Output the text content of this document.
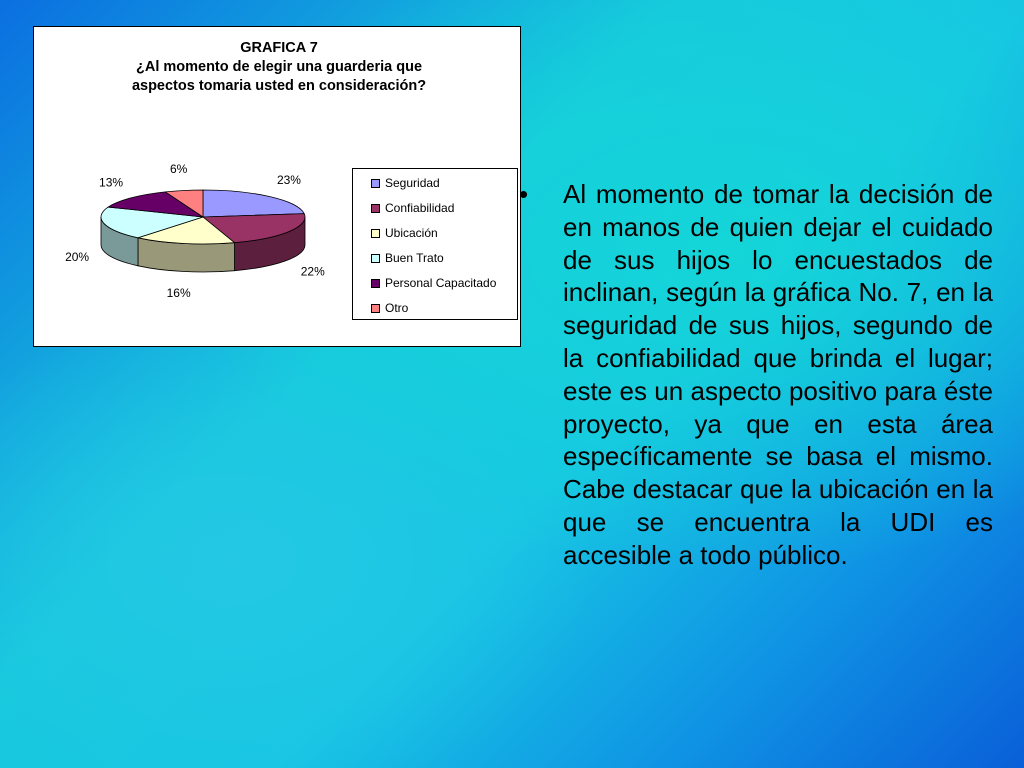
GRAFICA 7
¿Al momento de elegir una guarderia que
aspectos tomaria usted en consideración?
23%
22%
16%
20%
13%
6%
Seguridad
Confiabilidad
Ubicación
Buen Trato
Personal Capacitado
Otro
•	Al momento de tomar la decisión de en manos de quien dejar el cuidado de sus hijos lo encuestados de inclinan, según la gráfica No. 7, en la seguridad de sus hijos, segundo de la confiabilidad que brinda el lugar; este es un aspecto positivo para éste proyecto, ya que en esta área específicamente se basa el mismo.  Cabe destacar que la ubicación en la que se encuentra la UDI es accesible a todo público.
